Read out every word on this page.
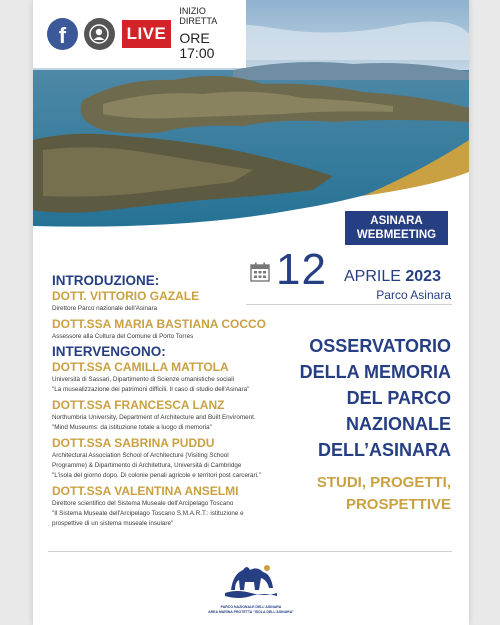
f	LIVE
INIZIO DIRETTA
ORE 17:00
ASINARA
WEBMEETING
12 APRILE 2023
Parco Asinara
OSSERVATORIO
DELLA MEMORIA
DEL PARCO
NAZIONALE
DELL’ASINARA
STUDI, PROGETTI,
PROSPETTIVE
INTRODUZIONE:
DOTT. VITTORIO GAZALE
Direttore Parco nazionale dell'Asinara
DOTT.SSA MARIA BASTIANA COCCO
Assessore alla Cultura del Comune di Porto Torres
INTERVENGONO:
DOTT.SSA CAMILLA MATTOLA
Università di Sassari, Dipartimento di Scienze umanistiche sociali
"La musealizzazione dei patrimoni difficili. Il caso di studio dell'Asinara"
DOTT.SSA FRANCESCA LANZ
Northumbria University, Department of Architecture and Built Enviroment.
"Mind Museums: da istituzione totale a luogo di memoria"
DOTT.SSA SABRINA PUDDU
Architectural Association School of Architecture (Visiting School
Programme) & Dipartimento di Architettura, Università di Cambridge
"L'isola del giorno dopo. Di colonie penali agricole e territori post carcerari."
DOTT.SSA VALENTINA ANSELMI
Direttore scientifico del Sistema Museale dell'Arcipelago Toscano
"Il Sistema Museale dell'Arcipelago Toscano S.M.A.R.T.: istituzione e
prospettive di un sistema museale insulare"
PARCO NAZIONALE DELL'ASINARA
AREA MARINA PROTETTA "ISOLA DELL'ASINARA"
